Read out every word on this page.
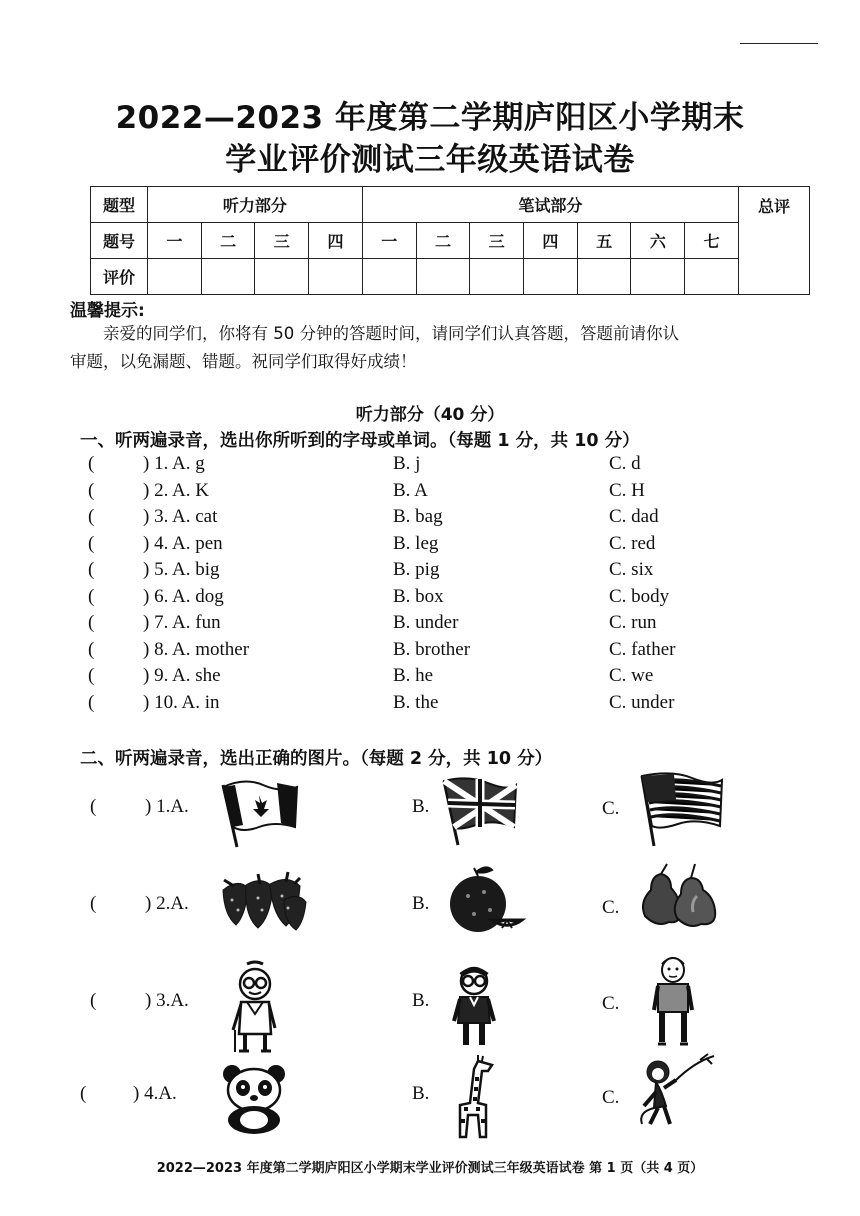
2022—2023 年度第二学期庐阳区小学期末
学业评价测试三年级英语试卷
题型	听力部分				笔试部分							总评
题号	一	二	三	四	一	二	三	四	五	六	七	
评价												
温馨提示:
亲爱的同学们，你将有 50 分钟的答题时间，请同学们认真答题，答题前请你认
审题，以免漏题、错题。祝同学们取得好成绩！
听力部分（40 分）
一、听两遍录音，选出你所听到的字母或单词。（每题 1 分，共 10 分）
(	) 1. A. g	B. j	C. d
(	) 2. A. K	B. A	C. H
(	) 3. A. cat	B. bag	C. dad
(	) 4. A. pen	B. leg	C. red
(	) 5. A. big	B. pig	C. six
(	) 6. A. dog	B. box	C. body
(	) 7. A. fun	B. under	C. run
(	) 8. A. mother	B. brother	C. father
(	) 9. A. she	B. he	C. we
(	) 10. A. in	B. the	C. under
二、听两遍录音，选出正确的图片。（每题 2 分，共 10 分）
(	) 1.A.	B.	C.
(	) 2.A.	B.	C.
(	) 3.A.	B.	C.
( ) 4.A.	B.	C.
2022—2023 年度第二学期庐阳区小学期末学业评价测试三年级英语试卷 第 1 页（共 4 页）
